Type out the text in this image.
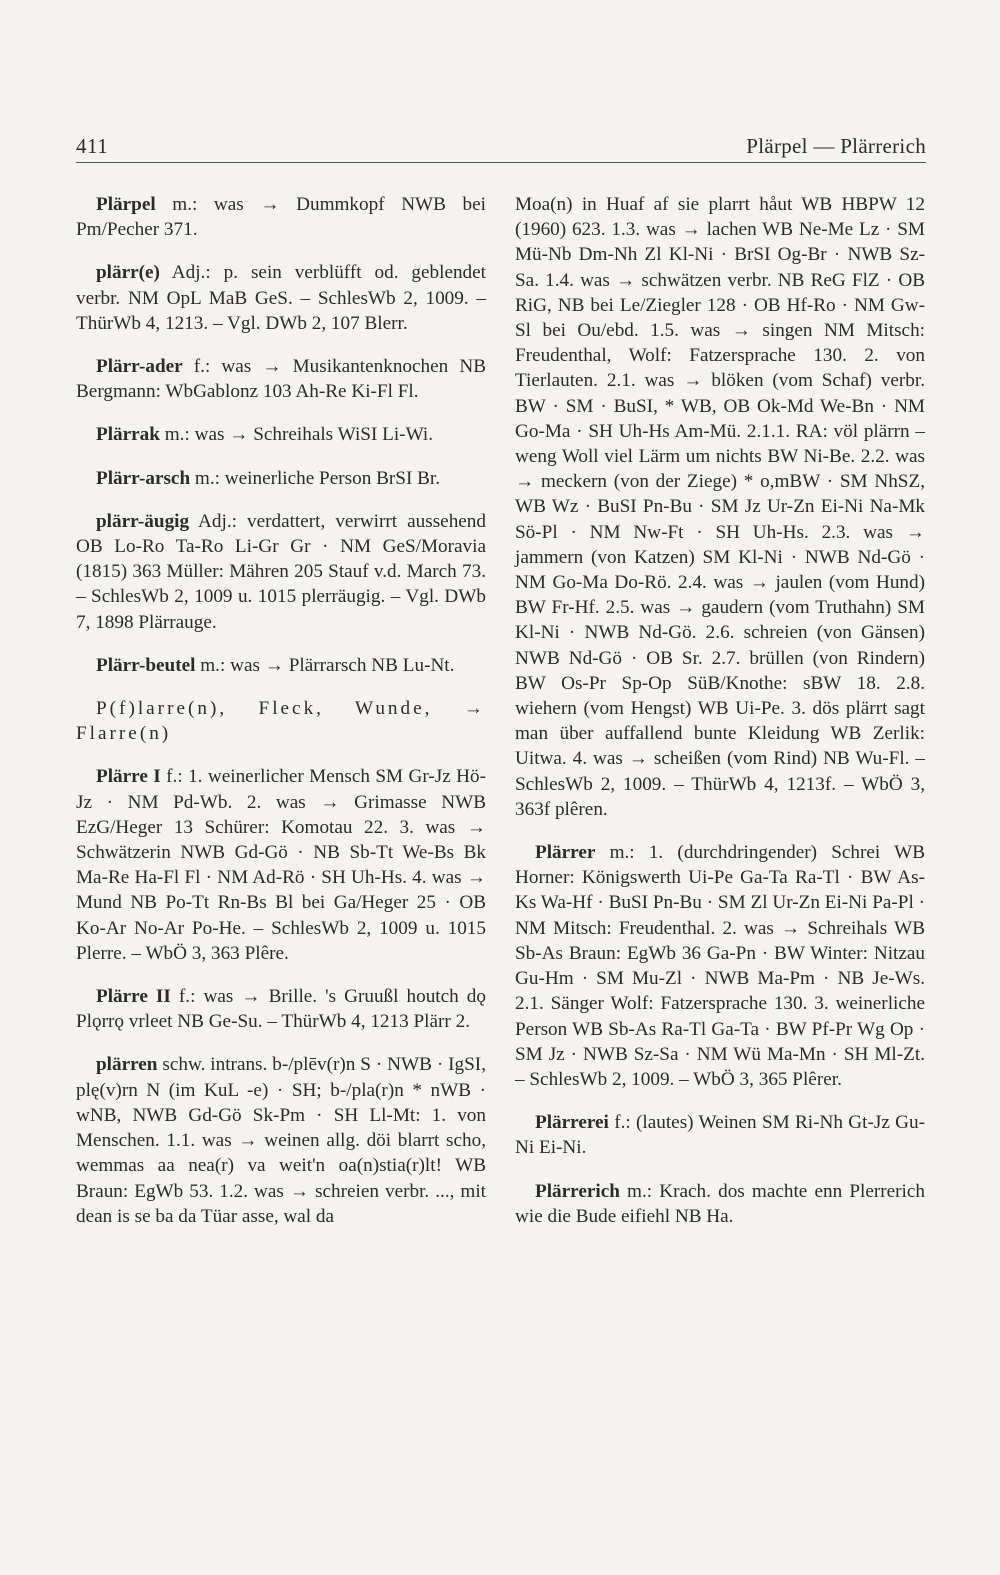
411	Plärpel — Plärrerich

Plärpel m.: was → Dummkopf NWB bei Pm/Pecher 371.

plärr(e) Adj.: p. sein verblüfft od. geblendet verbr. NM OpL MaB GeS. – SchlesWb 2, 1009. – ThürWb 4, 1213. – Vgl. DWb 2, 107 Blerr.

Plärr-ader f.: was → Musikantenknochen NB Bergmann: WbGablonz 103 Ah-Re Ki-Fl Fl.

Plärrak m.: was → Schreihals WiSI Li-Wi.

Plärr-arsch m.: weinerliche Person BrSI Br.

plärr-äugig Adj.: verdattert, verwirrt aussehend OB Lo-Ro Ta-Ro Li-Gr Gr · NM GeS/Moravia (1815) 363 Müller: Mähren 205 Stauf v.d. March 73. – SchlesWb 2, 1009 u. 1015 plerräugig. – Vgl. DWb 7, 1898 Plärrauge.

Plärr-beutel m.: was → Plärrarsch NB Lu-Nt.

P(f)larre(n), Fleck, Wunde, → Flarre(n)

Plärre I f.: 1. weinerlicher Mensch SM Gr-Jz Hö-Jz · NM Pd-Wb. 2. was → Grimasse NWB EzG/Heger 13 Schürer: Komotau 22. 3. was → Schwätzerin NWB Gd-Gö · NB Sb-Tt We-Bs Bk Ma-Re Ha-Fl Fl · NM Ad-Rö · SH Uh-Hs. 4. was → Mund NB Po-Tt Rn-Bs Bl bei Ga/Heger 25 · OB Ko-Ar No-Ar Po-He. – SchlesWb 2, 1009 u. 1015 Plerre. – WbÖ 3, 363 Plêre.

Plärre II f.: was → Brille. 's Gruußl houtch dǫ Plǫrrǫ vrleet NB Ge-Su. – ThürWb 4, 1213 Plärr 2.

plärren schw. intrans. b-/plēv(r)n S · NWB · IgSI, plę(v)rn N (im KuL -e) · SH; b-/pla(r)n * nWB · wNB, NWB Gd-Gö Sk-Pm · SH Ll-Mt: 1. von Menschen. 1.1. was → weinen allg. döi blarrt scho, wemmas aa nea(r) va weit'n oa(n)stia(r)lt! WB Braun: EgWb 53. 1.2. was → schreien verbr. ..., mit dean is se ba da Tüar asse, wal da

Moa(n) in Huaf af sie plarrt håut WB HBPW 12 (1960) 623. 1.3. was → lachen WB Ne-Me Lz · SM Mü-Nb Dm-Nh Zl Kl-Ni · BrSI Og-Br · NWB Sz-Sa. 1.4. was → schwätzen verbr. NB ReG FlZ · OB RiG, NB bei Le/Ziegler 128 · OB Hf-Ro · NM Gw-Sl bei Ou/ebd. 1.5. was → singen NM Mitsch: Freudenthal, Wolf: Fatzersprache 130. 2. von Tierlauten. 2.1. was → blöken (vom Schaf) verbr. BW · SM · BuSI, * WB, OB Ok-Md We-Bn · NM Go-Ma · SH Uh-Hs Am-Mü. 2.1.1. RA: völ plärrn – weng Woll viel Lärm um nichts BW Ni-Be. 2.2. was → meckern (von der Ziege) * o,mBW · SM NhSZ, WB Wz · BuSI Pn-Bu · SM Jz Ur-Zn Ei-Ni Na-Mk Sö-Pl · NM Nw-Ft · SH Uh-Hs. 2.3. was → jammern (von Katzen) SM Kl-Ni · NWB Nd-Gö · NM Go-Ma Do-Rö. 2.4. was → jaulen (vom Hund) BW Fr-Hf. 2.5. was → gaudern (vom Truthahn) SM Kl-Ni · NWB Nd-Gö. 2.6. schreien (von Gänsen) NWB Nd-Gö · OB Sr. 2.7. brüllen (von Rindern) BW Os-Pr Sp-Op SüB/Knothe: sBW 18. 2.8. wiehern (vom Hengst) WB Ui-Pe. 3. dös plärrt sagt man über auffallend bunte Kleidung WB Zerlik: Uitwa. 4. was → scheißen (vom Rind) NB Wu-Fl. – SchlesWb 2, 1009. – ThürWb 4, 1213f. – WbÖ 3, 363f plêren.

Plärrer m.: 1. (durchdringender) Schrei WB Horner: Königswerth Ui-Pe Ga-Ta Ra-Tl · BW As-Ks Wa-Hf · BuSI Pn-Bu · SM Zl Ur-Zn Ei-Ni Pa-Pl · NM Mitsch: Freudenthal. 2. was → Schreihals WB Sb-As Braun: EgWb 36 Ga-Pn · BW Winter: Nitzau Gu-Hm · SM Mu-Zl · NWB Ma-Pm · NB Je-Ws. 2.1. Sänger Wolf: Fatzersprache 130. 3. weinerliche Person WB Sb-As Ra-Tl Ga-Ta · BW Pf-Pr Wg Op · SM Jz · NWB Sz-Sa · NM Wü Ma-Mn · SH Ml-Zt. – SchlesWb 2, 1009. – WbÖ 3, 365 Plêrer.

Plärrerei f.: (lautes) Weinen SM Ri-Nh Gt-Jz Gu-Ni Ei-Ni.

Plärrerich m.: Krach. dos machte enn Plerrerich wie die Bude eifiehl NB Ha.
